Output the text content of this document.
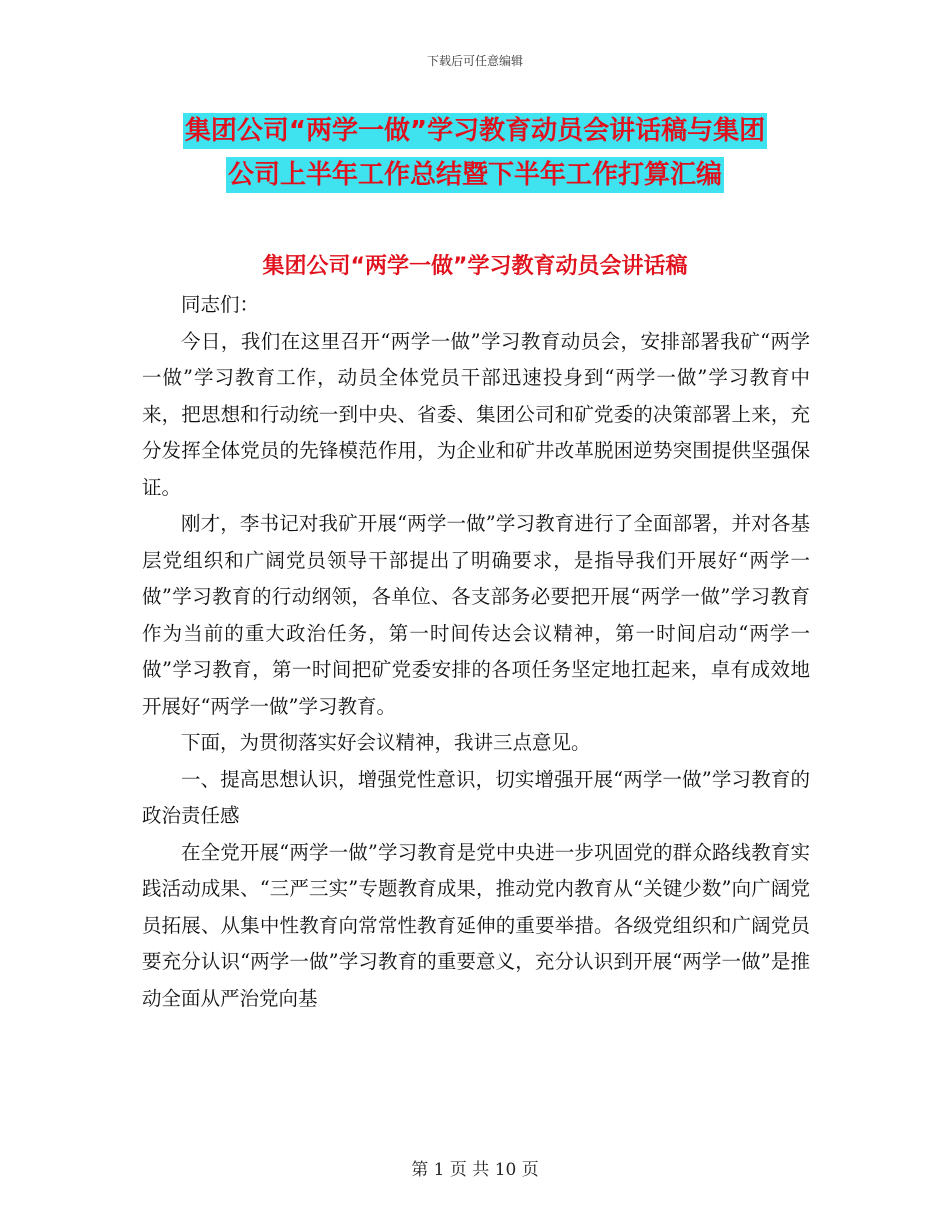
下载后可任意编辑
集团公司“两学一做”学习教育动员会讲话稿与集团
公司上半年工作总结暨下半年工作打算汇编
集团公司“两学一做”学习教育动员会讲话稿

同志们：

今日，我们在这里召开“两学一做”学习教育动员会，安排部署我矿“两学一做”学习教育工作，动员全体党员干部迅速投身到“两学一做”学习教育中来，把思想和行动统一到中央、省委、集团公司和矿党委的决策部署上来，充分发挥全体党员的先锋模范作用，为企业和矿井改革脱困逆势突围提供坚强保证。

刚才，李书记对我矿开展“两学一做”学习教育进行了全面部署，并对各基层党组织和广阔党员领导干部提出了明确要求，是指导我们开展好“两学一做”学习教育的行动纲领，各单位、各支部务必要把开展“两学一做”学习教育作为当前的重大政治任务，第一时间传达会议精神，第一时间启动“两学一做”学习教育，第一时间把矿党委安排的各项任务坚定地扛起来，卓有成效地开展好“两学一做”学习教育。

下面，为贯彻落实好会议精神，我讲三点意见。

一、提高思想认识，增强党性意识，切实增强开展“两学一做”学习教育的政治责任感

在全党开展“两学一做”学习教育是党中央进一步巩固党的群众路线教育实践活动成果、“三严三实”专题教育成果，推动党内教育从“关键少数”向广阔党员拓展、从集中性教育向常常性教育延伸的重要举措。各级党组织和广阔党员要充分认识“两学一做”学习教育的重要意义，充分认识到开展“两学一做”是推动全面从严治党向基

第 1 页 共 10 页
